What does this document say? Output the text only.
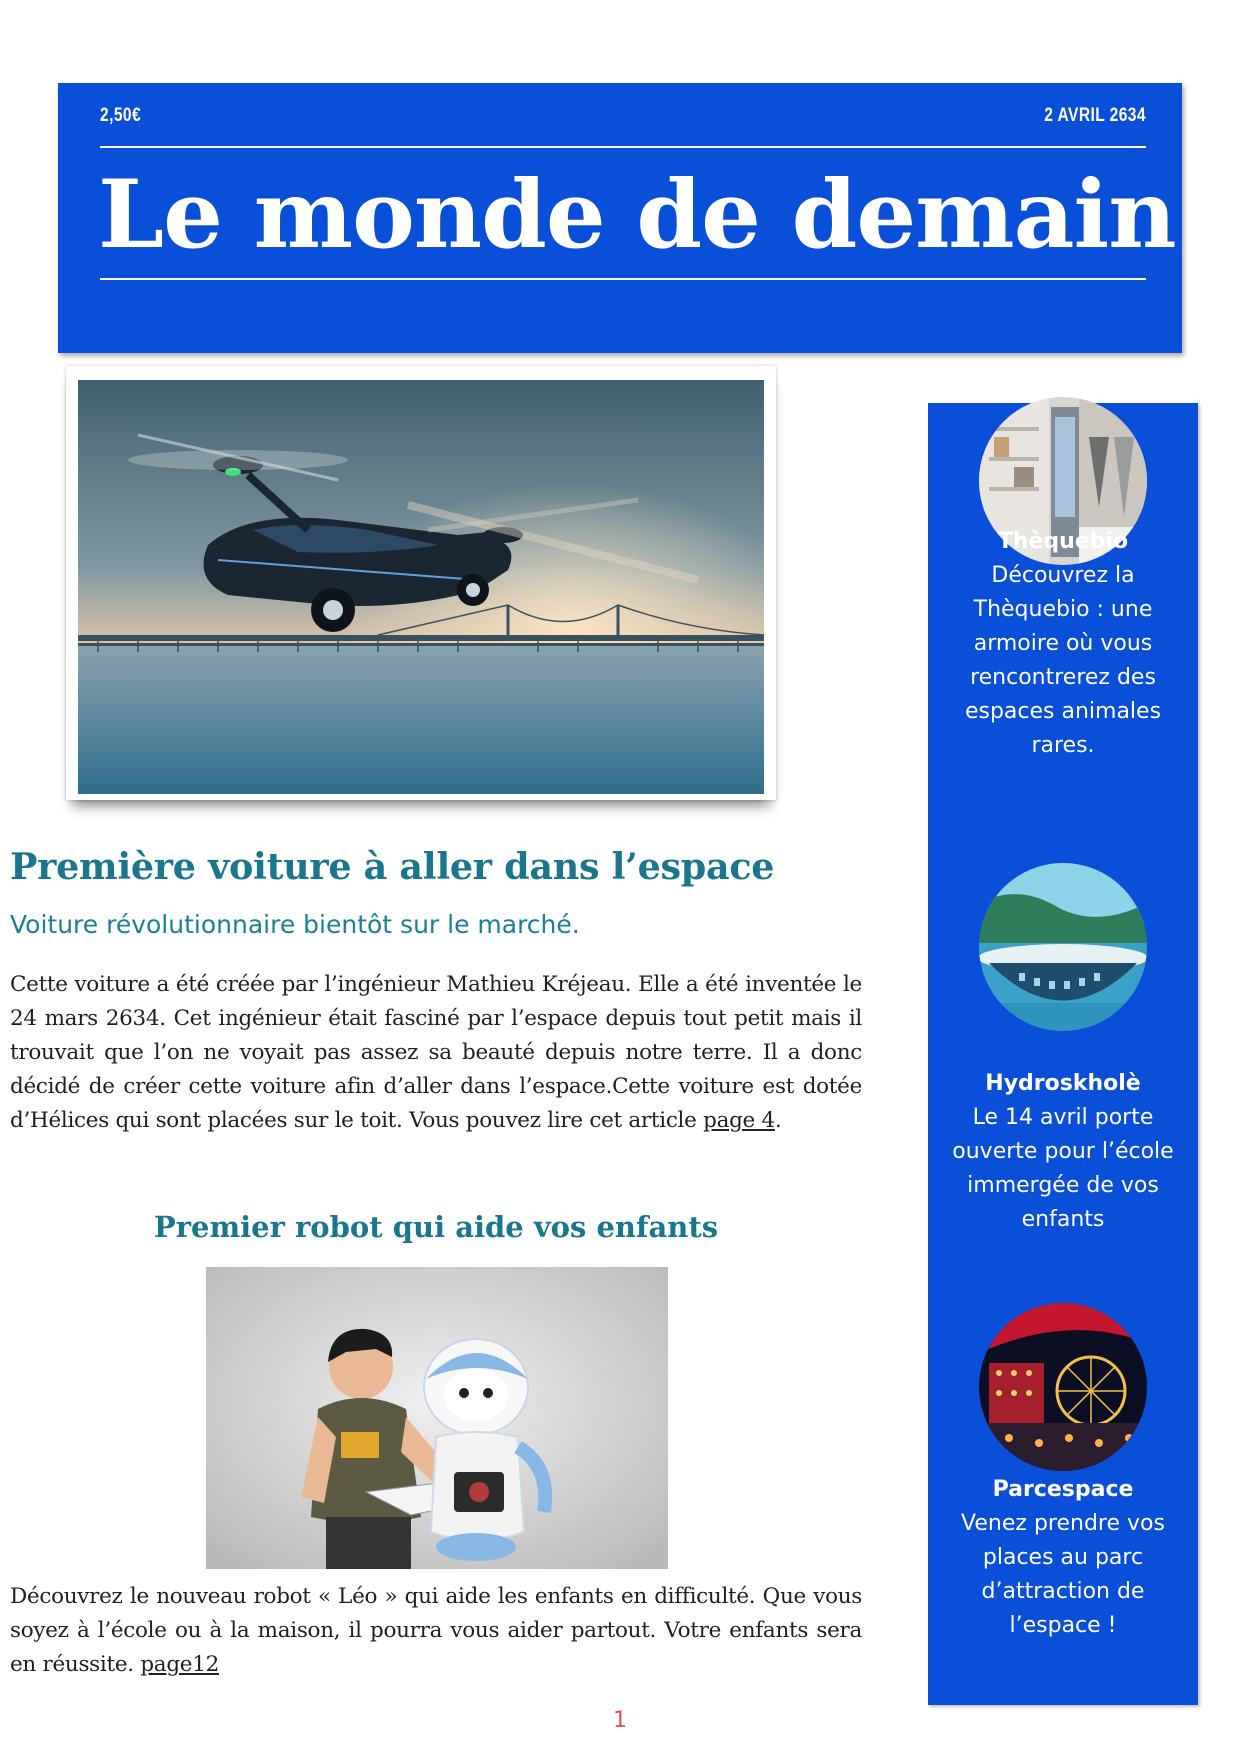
2,50€	2 AVRIL 2634
Le monde de demain
Première voiture à aller dans l’espace
Voiture révolutionnaire bientôt sur le marché.

Cette voiture a été créée par l’ingénieur Mathieu Kréjeau. Elle a été inventée le 24 mars 2634. Cet ingénieur était fasciné par l’espace depuis tout petit mais il trouvait que l’on ne voyait pas assez sa beauté depuis notre terre. Il a donc décidé de créer cette voiture afin d’aller dans l’espace.Cette voiture est dotée d’Hélices qui sont placées sur le toit. Vous pouvez lire cet article page 4.

Premier robot qui aide vos enfants

Découvrez le nouveau robot « Léo » qui aide les enfants en difficulté. Que vous soyez à l’école ou à la maison, il pourra vous aider partout. Votre enfants sera en réussite. page12

1
Thèquebio
Découvrez la Thèquebio : une armoire où vous rencontrerez des espaces animales rares.
Hydroskholè
Le 14 avril porte ouverte pour l’école immergée de vos enfants
Parcespace
Venez prendre vos places au parc d’attraction de l’espace !
